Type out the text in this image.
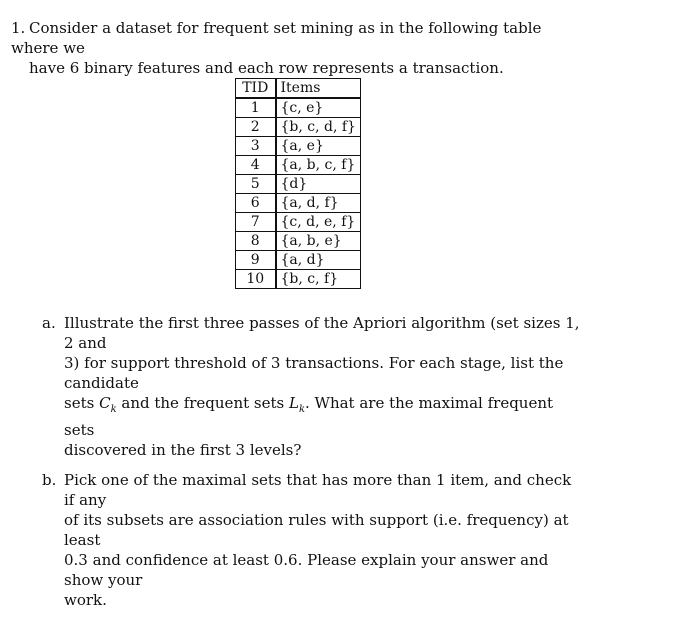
1. Consider a dataset for frequent set mining as in the following table where we

have 6 binary features and each row represents a transaction.

TID	Items
1	{c, e}
2	{b, c, d, f}
3	{a, e}
4	{a, b, c, f}
5	{d}
6	{a, d, f}
7	{c, d, e, f}
8	{a, b, e}
9	{a, d}
10	{b, c, f}
a. Illustrate the first three passes of the Apriori algorithm (set sizes 1, 2 and

3) for support threshold of 3 transactions. For each stage, list the candidate

sets $C_k$ and the frequent sets $L_k$. What are the maximal frequent sets

discovered in the first 3 levels?

b. Pick one of the maximal sets that has more than 1 item, and check if any

of its subsets are association rules with support (i.e. frequency) at least

0.3 and confidence at least 0.6. Please explain your answer and show your

work.
